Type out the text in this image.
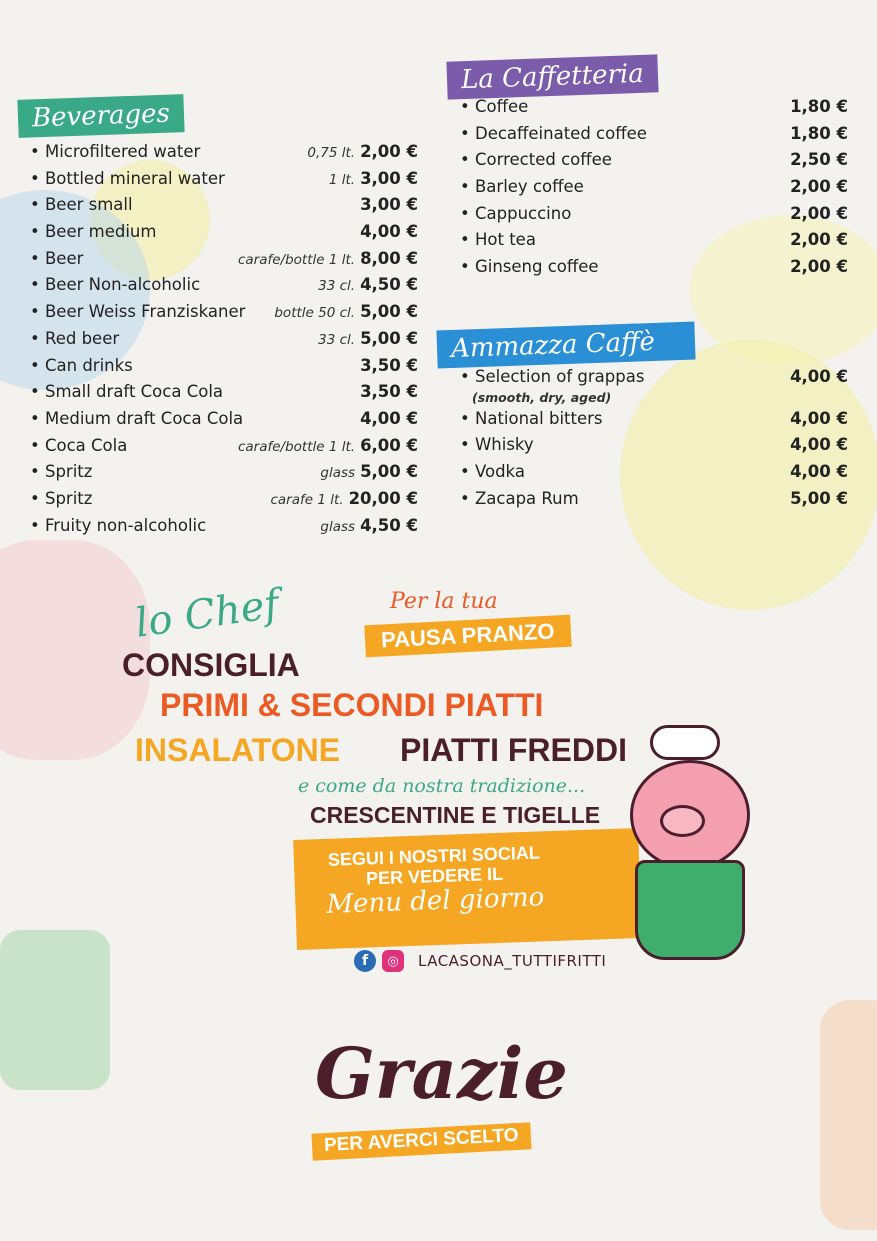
Beverages
• Microfiltered water	0,75 lt. 2,00 €
• Bottled mineral water	1 lt. 3,00 €
• Beer small	3,00 €
• Beer medium	4,00 €
• Beer	carafe/bottle 1 lt. 8,00 €
• Beer Non-alcoholic	33 cl. 4,50 €
• Beer Weiss Franziskaner	bottle 50 cl. 5,00 €
• Red beer	33 cl. 5,00 €
• Can drinks	3,50 €
• Small draft Coca Cola	3,50 €
• Medium draft Coca Cola	4,00 €
• Coca Cola	carafe/bottle 1 lt. 6,00 €
• Spritz	glass 5,00 €
• Spritz	carafe 1 lt. 20,00 €
• Fruity non-alcoholic	glass 4,50 €
La Caffetteria
• Coffee	1,80 €
• Decaffeinated coffee	1,80 €
• Corrected coffee	2,50 €
• Barley coffee	2,00 €
• Cappuccino	2,00 €
• Hot tea	2,00 €
• Ginseng coffee	2,00 €
Ammazza Caffè
• Selection of grappas	4,00 €
(smooth, dry, aged)
• National bitters	4,00 €
• Whisky	4,00 €
• Vodka	4,00 €
• Zacapa Rum	5,00 €
lo Chef
CONSIGLIA
Per la tua
PAUSA PRANZO
PRIMI & SECONDI PIATTI
INSALATONE PIATTI FREDDI
e come da nostra tradizione...
CRESCENTINE E TIGELLE
SEGUI I NOSTRI SOCIAL
PER VEDERE IL
Menu del giorno
f	◎	LACASONA_TUTTIFRITTI
Grazie
PER AVERCI SCELTO
